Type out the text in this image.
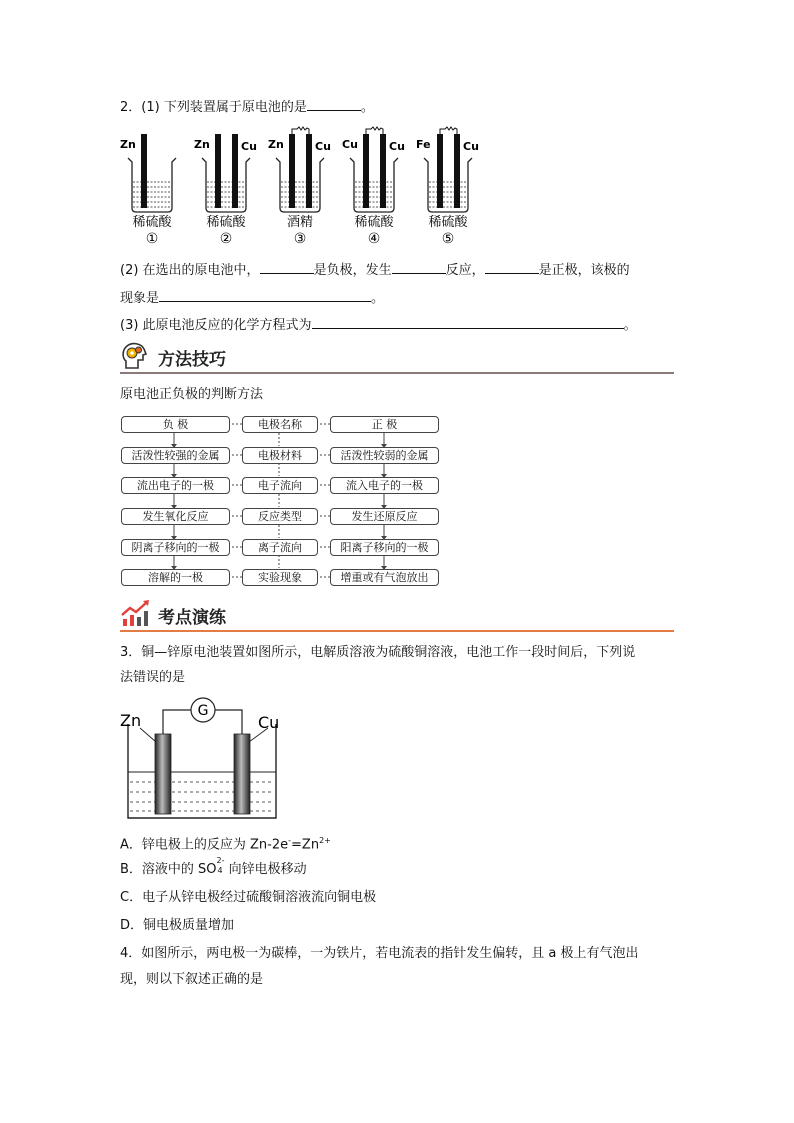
2．(1) 下列装置属于原电池的是	。
Zn
稀硫酸
①
Zn	Cu
稀硫酸
②
Zn	Cu
酒精
③
Cu	Cu
稀硫酸
④
Fe	Cu
稀硫酸
⑤
(2) 在选出的原电池中，	是负极，发生	反应，	是正极，该极的
现象是	。
(3) 此原电池反应的化学方程式为	。
方法技巧
原电池正负极的判断方法
负 极	电极名称	正 极
活泼性较强的金属	电极材料	活泼性较弱的金属
流出电子的一极	电子流向	流入电子的一极
发生氧化反应	反应类型	发生还原反应
阴离子移向的一极	离子流向	阳离子移向的一极
溶解的一极	实验现象	增重或有气泡放出
考点演练
3．铜—锌原电池装置如图所示，电解质溶液为硫酸铜溶液，电池工作一段时间后，下列说
法错误的是
G
Zn	Cu
A．锌电极上的反应为 $Zn-2e^-=Zn^{2+}$
B．溶液中的 SO
2-
4 向锌电极移动
C．电子从锌电极经过硫酸铜溶液流向铜电极
D．铜电极质量增加
4．如图所示，两电极一为碳棒，一为铁片，若电流表的指针发生偏转，且 a 极上有气泡出
现，则以下叙述正确的是
